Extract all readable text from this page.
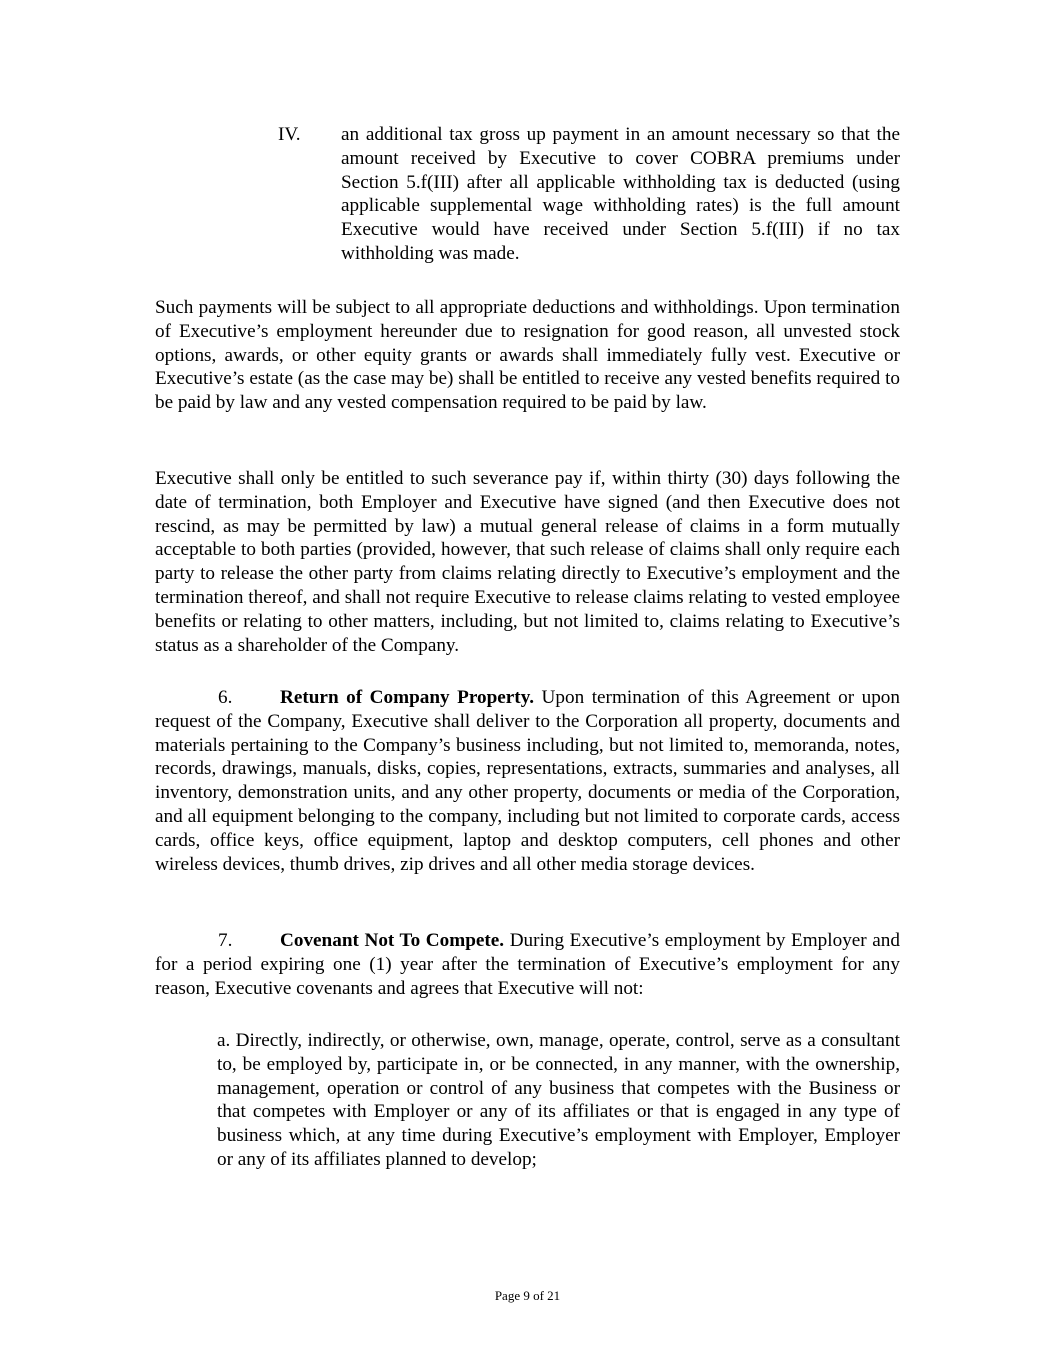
IV. an additional tax gross up payment in an amount necessary so that the amount received by Executive to cover COBRA premiums under Section 5.f(III) after all applicable withholding tax is deducted (using applicable supplemental wage withholding rates) is the full amount Executive would have received under Section 5.f(III) if no tax withholding was made.

Such payments will be subject to all appropriate deductions and withholdings. Upon termination of Executive’s employment hereunder due to resignation for good reason, all unvested stock options, awards, or other equity grants or awards shall immediately fully vest. Executive or Executive’s estate (as the case may be) shall be entitled to receive any vested benefits required to be paid by law and any vested compensation required to be paid by law.

Executive shall only be entitled to such severance pay if, within thirty (30) days following the date of termination, both Employer and Executive have signed (and then Executive does not rescind, as may be permitted by law) a mutual general release of claims in a form mutually acceptable to both parties (provided, however, that such release of claims shall only require each party to release the other party from claims relating directly to Executive’s employment and the termination thereof, and shall not require Executive to release claims relating to vested employee benefits or relating to other matters, including, but not limited to, claims relating to Executive’s status as a shareholder of the Company.

6. Return of Company Property. Upon termination of this Agreement or upon request of the Company, Executive shall deliver to the Corporation all property, documents and materials pertaining to the Company’s business including, but not limited to, memoranda, notes, records, drawings, manuals, disks, copies, representations, extracts, summaries and analyses, all inventory, demonstration units, and any other property, documents or media of the Corporation, and all equipment belonging to the company, including but not limited to corporate cards, access cards, office keys, office equipment, laptop and desktop computers, cell phones and other wireless devices, thumb drives, zip drives and all other media storage devices.

7. Covenant Not To Compete. During Executive’s employment by Employer and for a period expiring one (1) year after the termination of Executive’s employment for any reason, Executive covenants and agrees that Executive will not:

a. Directly, indirectly, or otherwise, own, manage, operate, control, serve as a consultant to, be employed by, participate in, or be connected, in any manner, with the ownership, management, operation or control of any business that competes with the Business or that competes with Employer or any of its affiliates or that is engaged in any type of business which, at any time during Executive’s employment with Employer, Employer or any of its affiliates planned to develop;

Page 9 of 21
